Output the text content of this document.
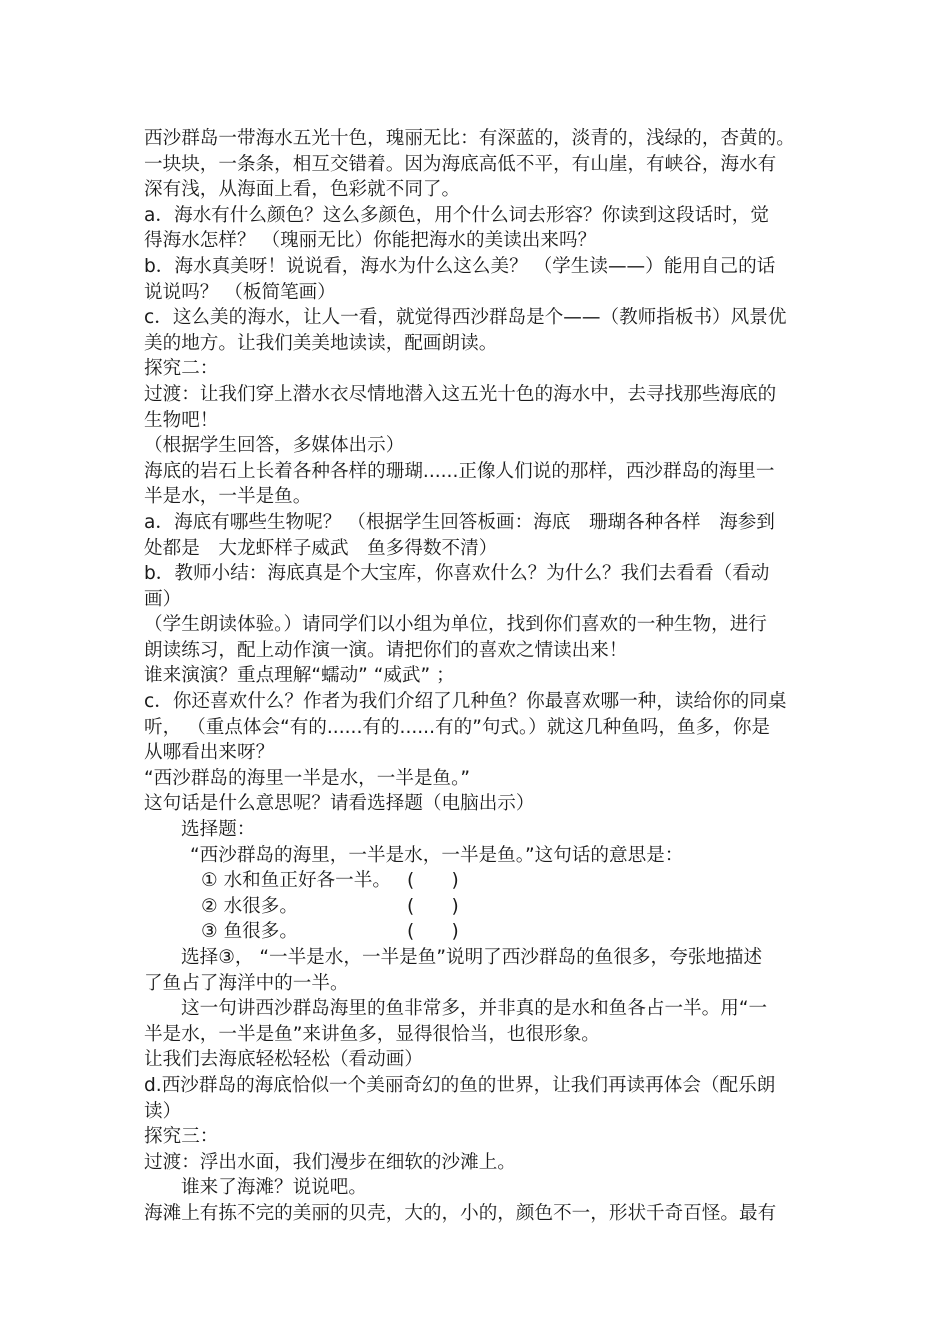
西沙群岛一带海水五光十色，瑰丽无比：有深蓝的，淡青的，浅绿的，杏黄的。
一块块，一条条，相互交错着。因为海底高低不平，有山崖，有峡谷，海水有
深有浅，从海面上看，色彩就不同了。
a．海水有什么颜色？这么多颜色，用个什么词去形容？你读到这段话时，觉
得海水怎样？ （瑰丽无比）你能把海水的美读出来吗？
b．海水真美呀！说说看，海水为什么这么美？ （学生读——）能用自己的话
说说吗？ （板简笔画）
c．这么美的海水，让人一看，就觉得西沙群岛是个——（教师指板书）风景优
美的地方。让我们美美地读读，配画朗读。
探究二：
过渡：让我们穿上潜水衣尽情地潜入这五光十色的海水中，去寻找那些海底的
生物吧！
（根据学生回答，多媒体出示）
海底的岩石上长着各种各样的珊瑚......正像人们说的那样，西沙群岛的海里一
半是水，一半是鱼。
a．海底有哪些生物呢？ （根据学生回答板画：海底　珊瑚各种各样　海参到
处都是　大龙虾样子威武　鱼多得数不清）
b．教师小结：海底真是个大宝库，你喜欢什么？为什么？我们去看看（看动
画）
（学生朗读体验。）请同学们以小组为单位，找到你们喜欢的一种生物，进行
朗读练习，配上动作演一演。请把你们的喜欢之情读出来！
谁来演演？重点理解“蠕动” “威武” ；
c．你还喜欢什么？作者为我们介绍了几种鱼？你最喜欢哪一种，读给你的同桌
听， （重点体会“有的......有的......有的”句式。）就这几种鱼吗，鱼多，你是
从哪看出来呀？
“西沙群岛的海里一半是水，一半是鱼。”
这句话是什么意思呢？请看选择题（电脑出示）
选择题：
“西沙群岛的海里，一半是水，一半是鱼。”这句话的意思是：
① 水和鱼正好各一半。 (　　)
② 水很多。	(　　)
③ 鱼很多。	(　　)
选择③， “一半是水，一半是鱼”说明了西沙群岛的鱼很多，夸张地描述
了鱼占了海洋中的一半。
这一句讲西沙群岛海里的鱼非常多，并非真的是水和鱼各占一半。用“一
半是水，一半是鱼”来讲鱼多，显得很恰当，也很形象。
让我们去海底轻松轻松（看动画）
d.西沙群岛的海底恰似一个美丽奇幻的鱼的世界，让我们再读再体会（配乐朗
读）
探究三：
过渡：浮出水面，我们漫步在细软的沙滩上。
谁来了海滩？说说吧。
海滩上有拣不完的美丽的贝壳，大的，小的，颜色不一，形状千奇百怪。最有
